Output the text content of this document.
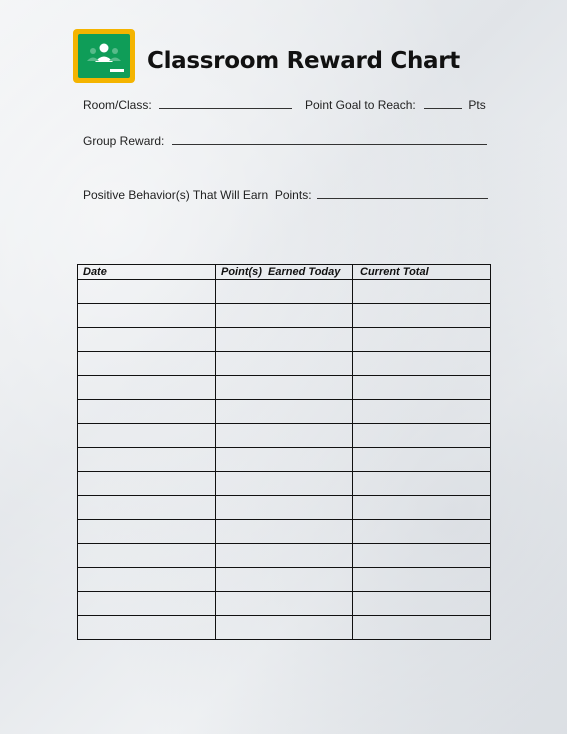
Classroom Reward Chart
Room/Class:	Point Goal to Reach:	Pts
Group Reward:
Positive Behavior(s) That Will Earn  Points:
Date	Point(s)  Earned Today	Current Total
